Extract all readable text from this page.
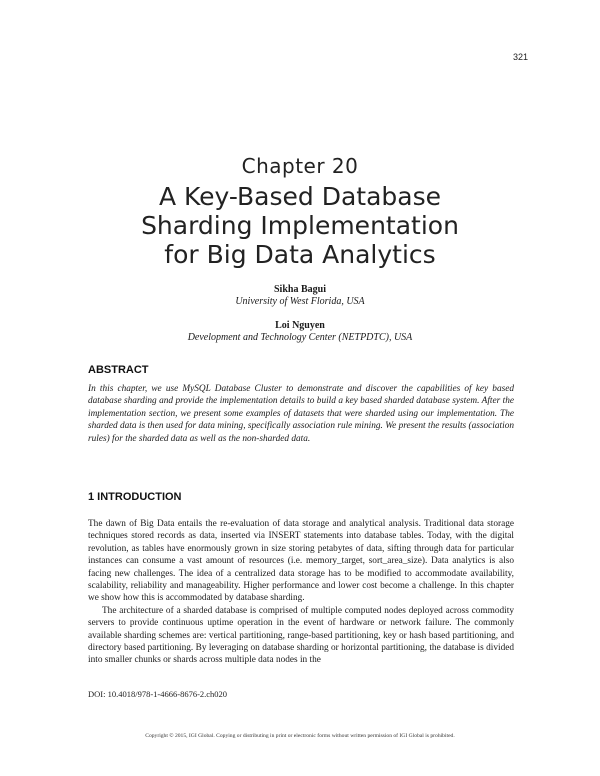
321
Chapter 20
A Key-Based Database
Sharding Implementation
for Big Data Analytics
Sikha Bagui
University of West Florida, USA
Loi Nguyen
Development and Technology Center (NETPDTC), USA
ABSTRACT
In this chapter, we use MySQL Database Cluster to demonstrate and discover the capabilities of key based database sharding and provide the implementation details to build a key based sharded database system. After the implementation section, we present some examples of datasets that were sharded using our implementation. The sharded data is then used for data mining, specifically association rule mining. We present the results (association rules) for the sharded data as well as the non-sharded data.
1 INTRODUCTION

The dawn of Big Data entails the re-evaluation of data storage and analytical analysis. Traditional data storage techniques stored records as data, inserted via INSERT statements into database tables. Today, with the digital revolution, as tables have enormously grown in size storing petabytes of data, sifting through data for particular instances can consume a vast amount of resources (i.e. memory_target, sort_area_size). Data analytics is also facing new challenges. The idea of a centralized data storage has to be modified to accommodate availability, scalability, reliability and manageability. Higher performance and lower cost become a challenge. In this chapter we show how this is accommodated by database sharding.

The architecture of a sharded database is comprised of multiple computed nodes deployed across commodity servers to provide continuous uptime operation in the event of hardware or network failure. The commonly available sharding schemes are: vertical partitioning, range-based partitioning, key or hash based partitioning, and directory based partitioning. By leveraging on database sharding or horizontal partitioning, the database is divided into smaller chunks or shards across multiple data nodes in the

DOI: 10.4018/978-1-4666-8676-2.ch020
Copyright © 2015, IGI Global. Copying or distributing in print or electronic forms without written permission of IGI Global is prohibited.
